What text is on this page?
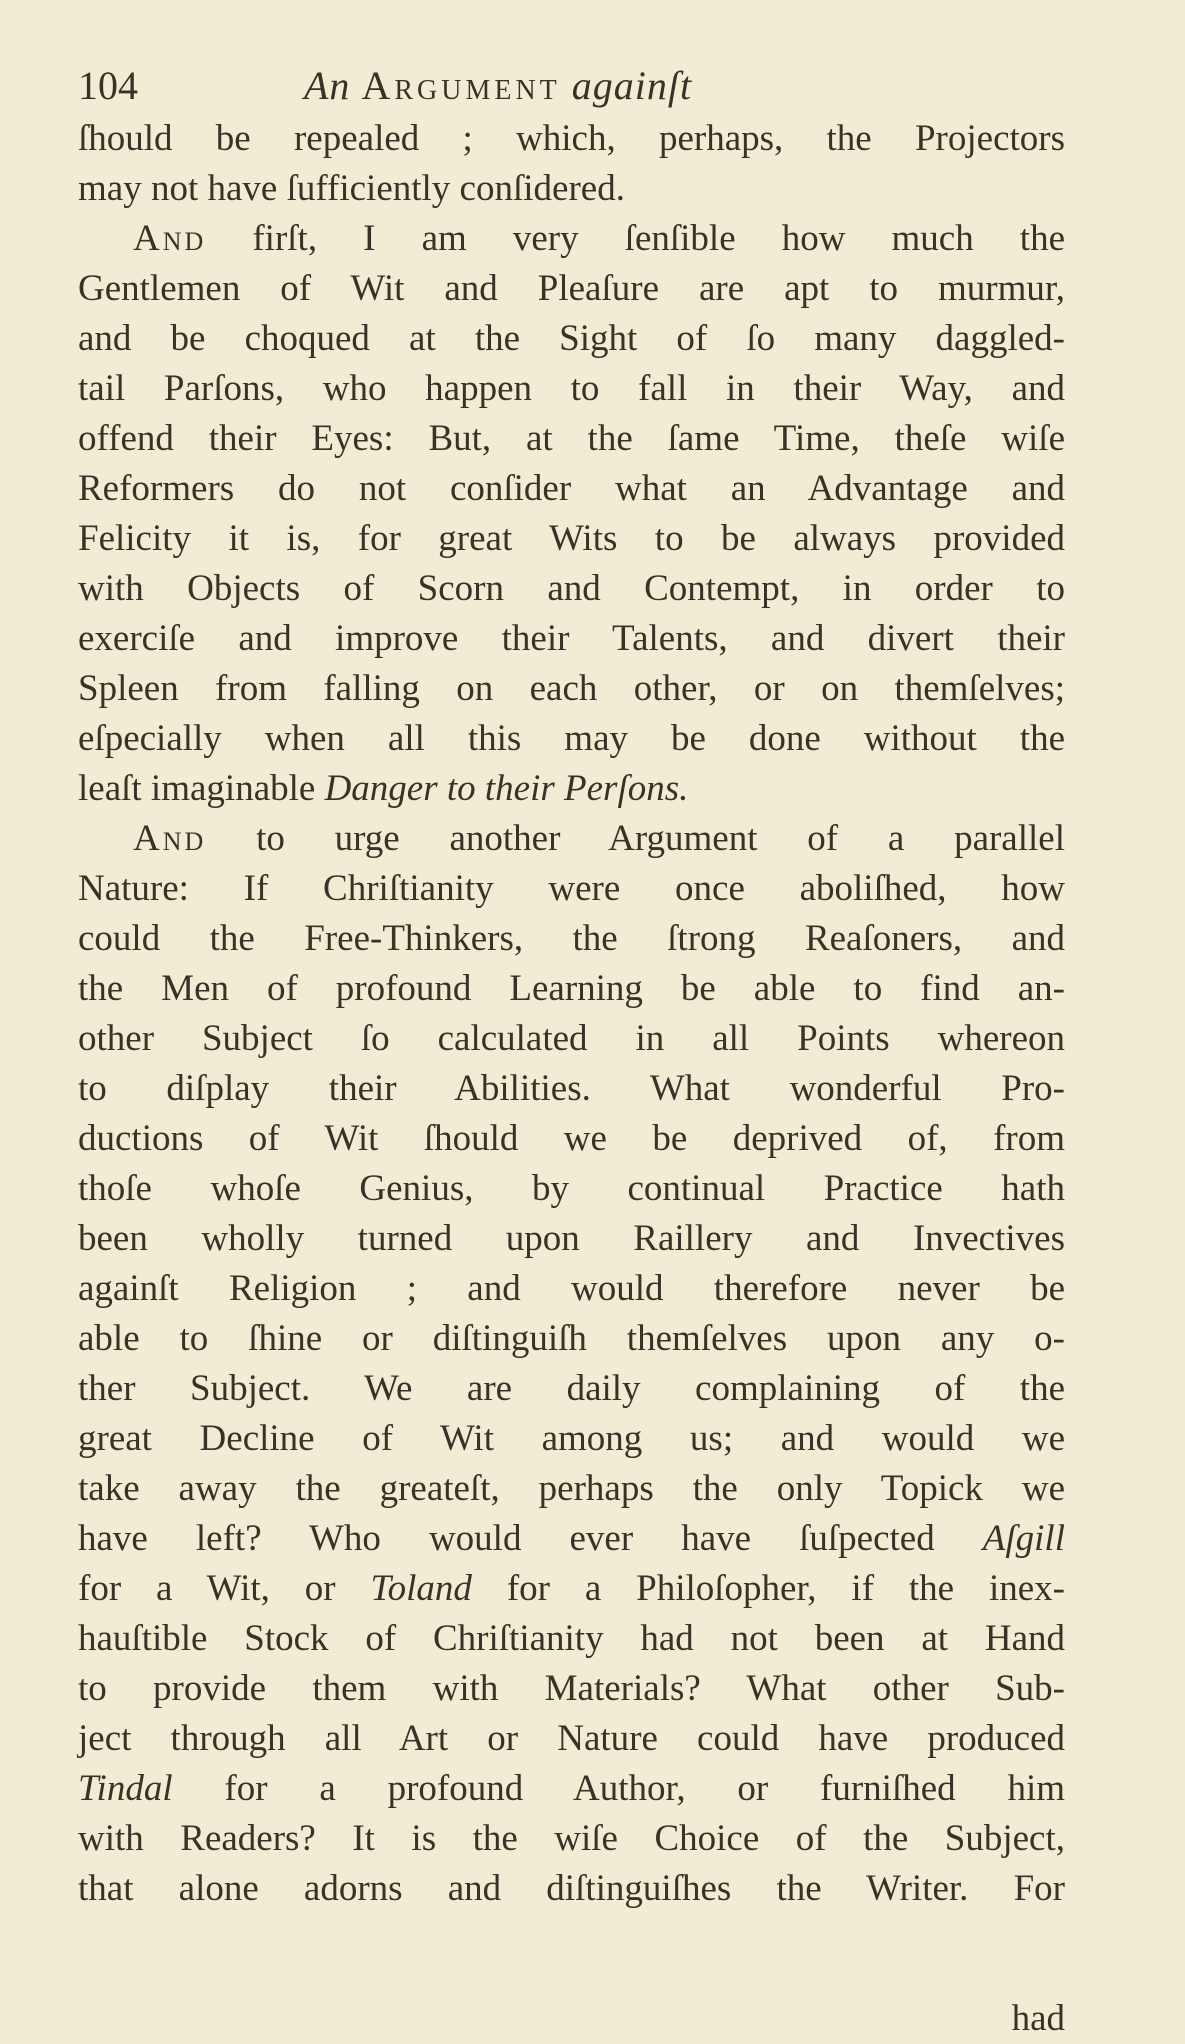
104	An Argument againſt
ſhould be repealed ; which, perhaps, the Projectors
may not have ſufficiently conſidered.
And firſt, I am very ſenſible how much the
Gentlemen of Wit and Pleaſure are apt to murmur,
and be choqued at the Sight of ſo many daggled-
tail Parſons, who happen to fall in their Way, and
offend their Eyes: But, at the ſame Time, theſe wiſe
Reformers do not conſider what an Advantage and
Felicity it is, for great Wits to be always provided
with Objects of Scorn and Contempt, in order to
exerciſe and improve their Talents, and divert their
Spleen from falling on each other, or on themſelves;
eſpecially when all this may be done without the
leaſt imaginable Danger to their Perſons.
And to urge another Argument of a parallel
Nature: If Chriſtianity were once aboliſhed, how
could the Free-Thinkers, the ſtrong Reaſoners, and
the Men of profound Learning be able to find an-
other Subject ſo calculated in all Points whereon
to diſplay their Abilities. What wonderful Pro-
ductions of Wit ſhould we be deprived of, from
thoſe whoſe Genius, by continual Practice hath
been wholly turned upon Raillery and Invectives
againſt Religion ; and would therefore never be
able to ſhine or diſtinguiſh themſelves upon any o-
ther Subject. We are daily complaining of the
great Decline of Wit among us; and would we
take away the greateſt, perhaps the only Topick we
have left? Who would ever have ſuſpected Aſgill
for a Wit, or Toland for a Philoſopher, if the inex-
hauſtible Stock of Chriſtianity had not been at Hand
to provide them with Materials? What other Sub-
ject through all Art or Nature could have produced
Tindal for a profound Author, or furniſhed him
with Readers? It is the wiſe Choice of the Subject,
that alone adorns and diſtinguiſhes the Writer. For
had
